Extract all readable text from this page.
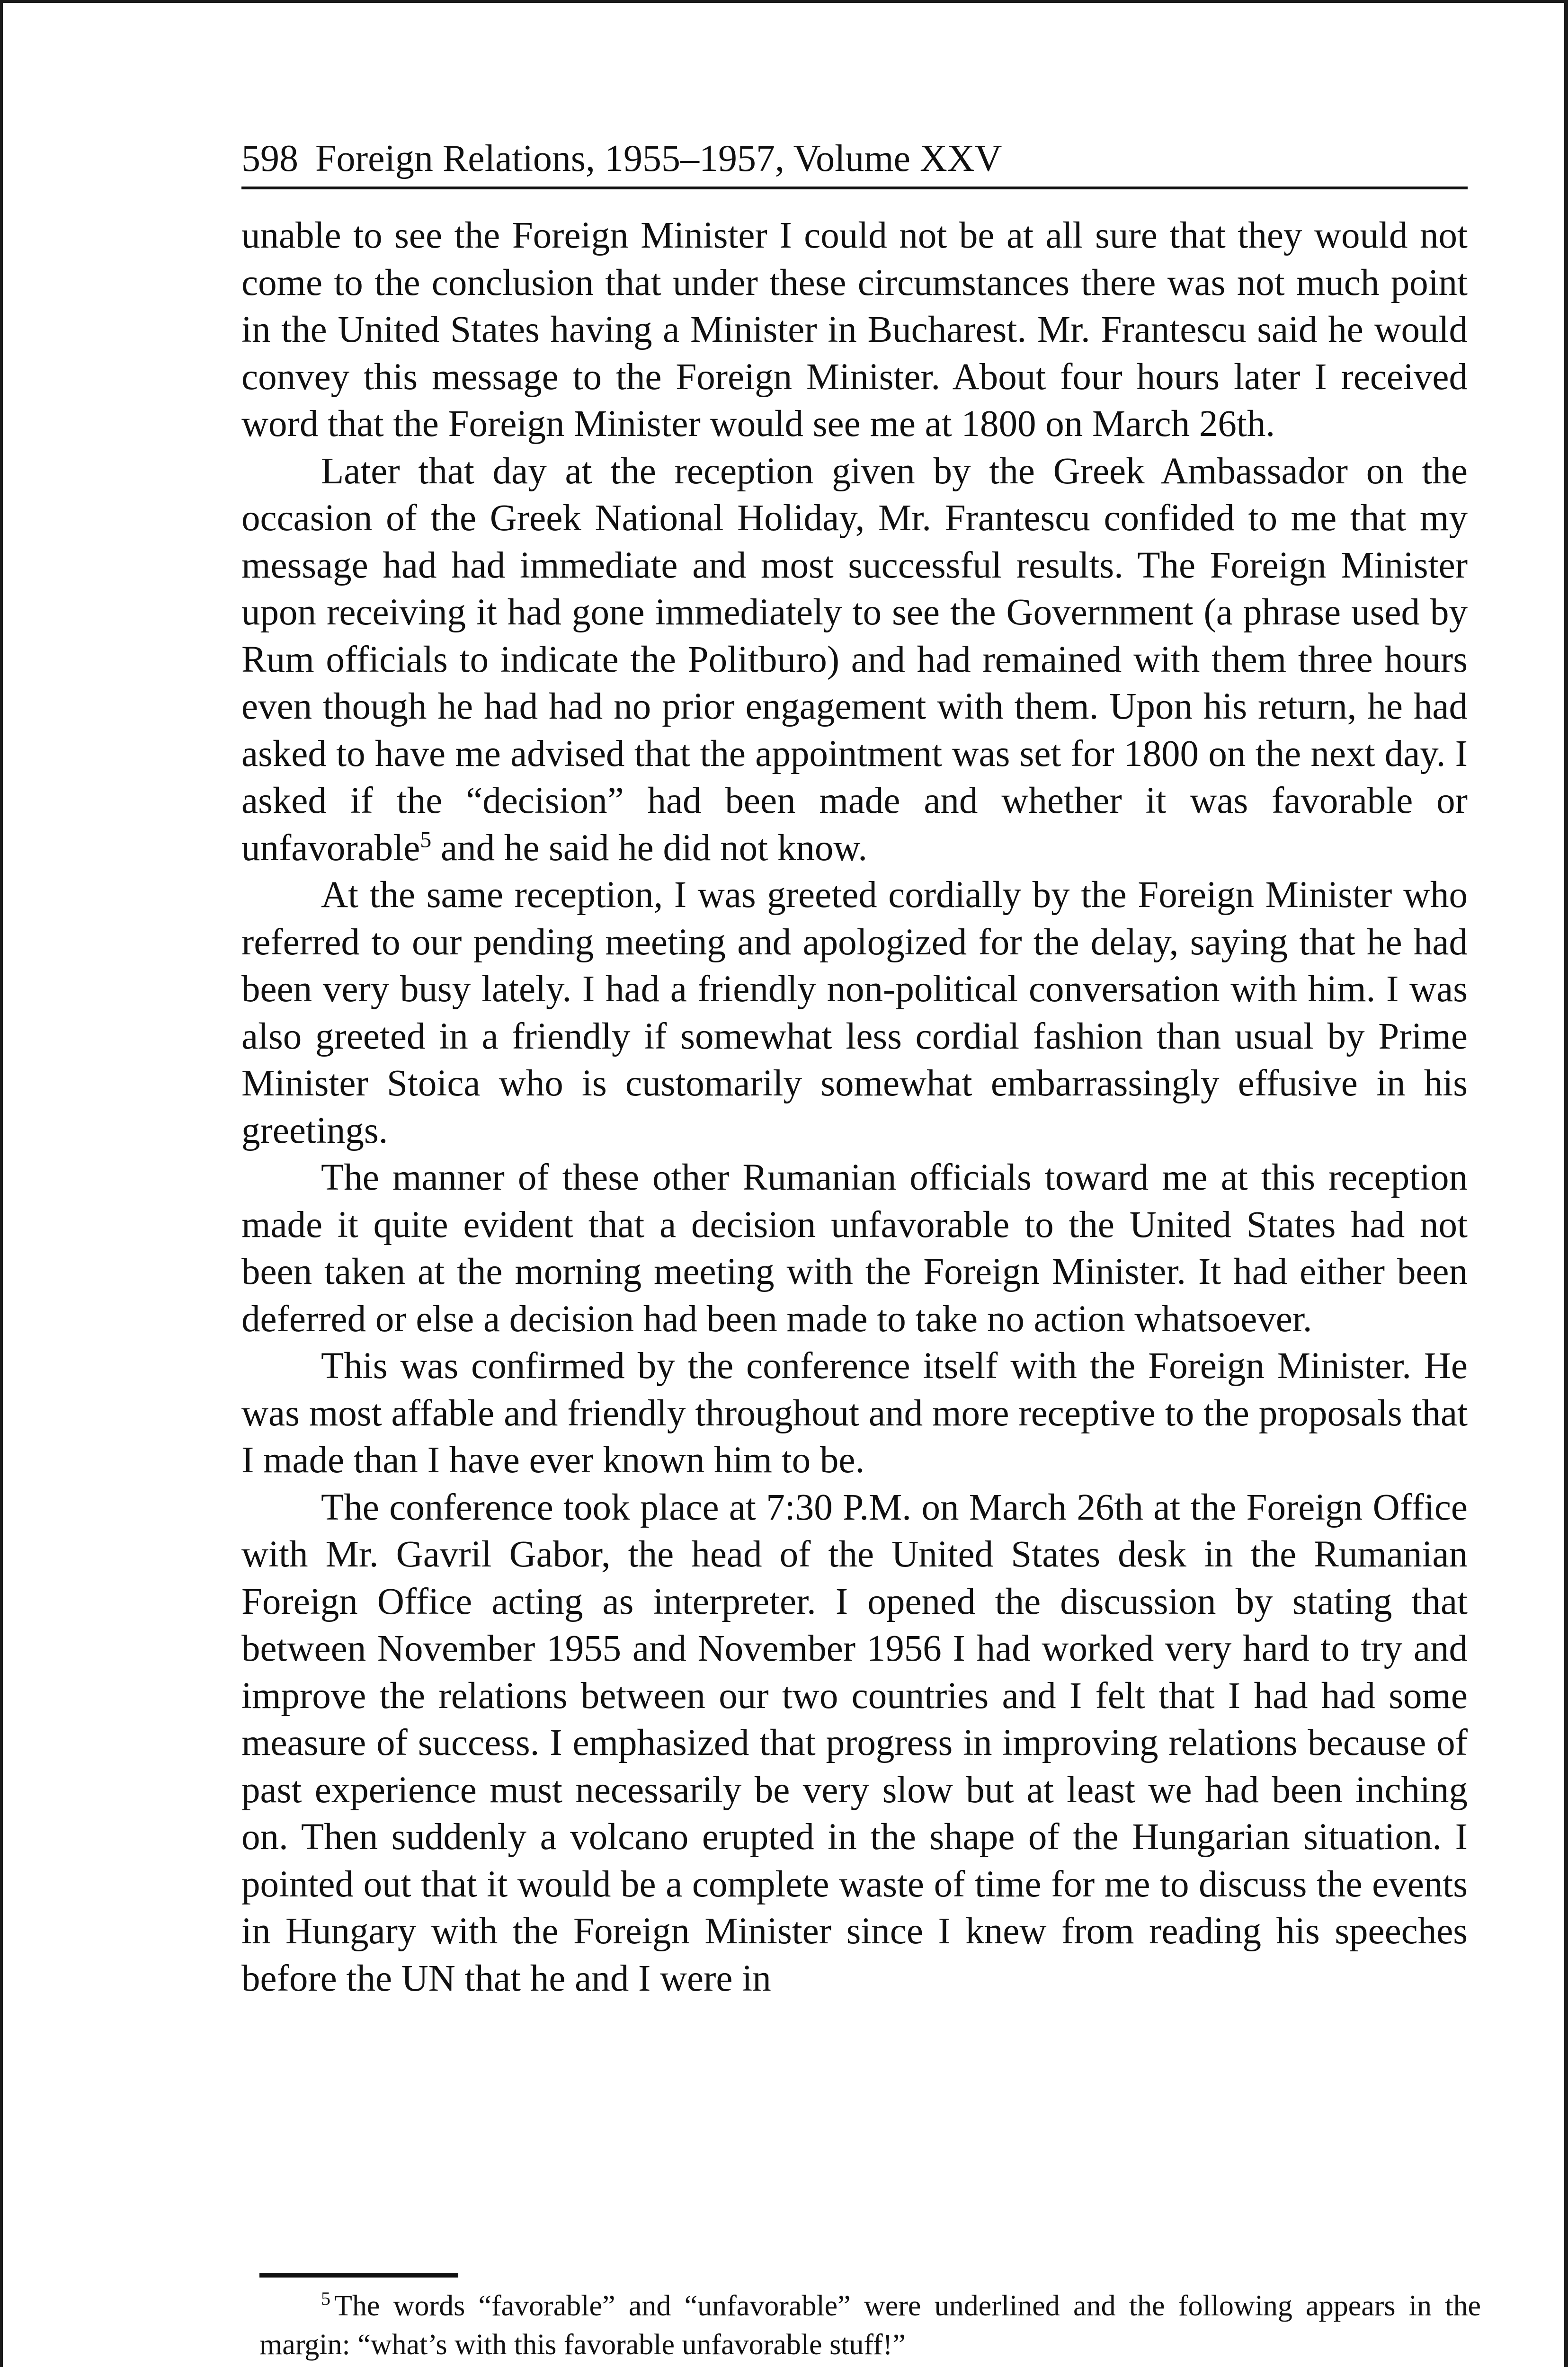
598 Foreign Relations, 1955–1957, Volume XXV

unable to see the Foreign Minister I could not be at all sure that they would not come to the conclusion that under these circumstances there was not much point in the United States having a Minister in Bucharest. Mr. Frantescu said he would convey this message to the Foreign Minister. About four hours later I received word that the Foreign Minister would see me at 1800 on March 26th.

Later that day at the reception given by the Greek Ambassador on the occasion of the Greek National Holiday, Mr. Frantescu confided to me that my message had had immediate and most successful results. The Foreign Minister upon receiving it had gone immediately to see the Government (a phrase used by Rum officials to indicate the Politburo) and had remained with them three hours even though he had had no prior engagement with them. Upon his return, he had asked to have me advised that the appointment was set for 1800 on the next day. I asked if the “decision” had been made and whether it was favorable or unfavorable$^5$ and he said he did not know.

At the same reception, I was greeted cordially by the Foreign Minister who referred to our pending meeting and apologized for the delay, saying that he had been very busy lately. I had a friendly non-political conversation with him. I was also greeted in a friendly if somewhat less cordial fashion than usual by Prime Minister Stoica who is customarily somewhat embarrassingly effusive in his greetings.

The manner of these other Rumanian officials toward me at this reception made it quite evident that a decision unfavorable to the United States had not been taken at the morning meeting with the Foreign Minister. It had either been deferred or else a decision had been made to take no action whatsoever.

This was confirmed by the conference itself with the Foreign Minister. He was most affable and friendly throughout and more receptive to the proposals that I made than I have ever known him to be.

The conference took place at 7:30 P.M. on March 26th at the Foreign Office with Mr. Gavril Gabor, the head of the United States desk in the Rumanian Foreign Office acting as interpreter. I opened the discussion by stating that between November 1955 and November 1956 I had worked very hard to try and improve the relations between our two countries and I felt that I had had some measure of success. I emphasized that progress in improving relations because of past experience must necessarily be very slow but at least we had been inching on. Then suddenly a volcano erupted in the shape of the Hungarian situation. I pointed out that it would be a complete waste of time for me to discuss the events in Hungary with the Foreign Minister since I knew from reading his speeches before the UN that he and I were in

$^5$ The words “favorable” and “unfavorable” were underlined and the following appears in the margin: “what’s with this favorable unfavorable stuff!”
